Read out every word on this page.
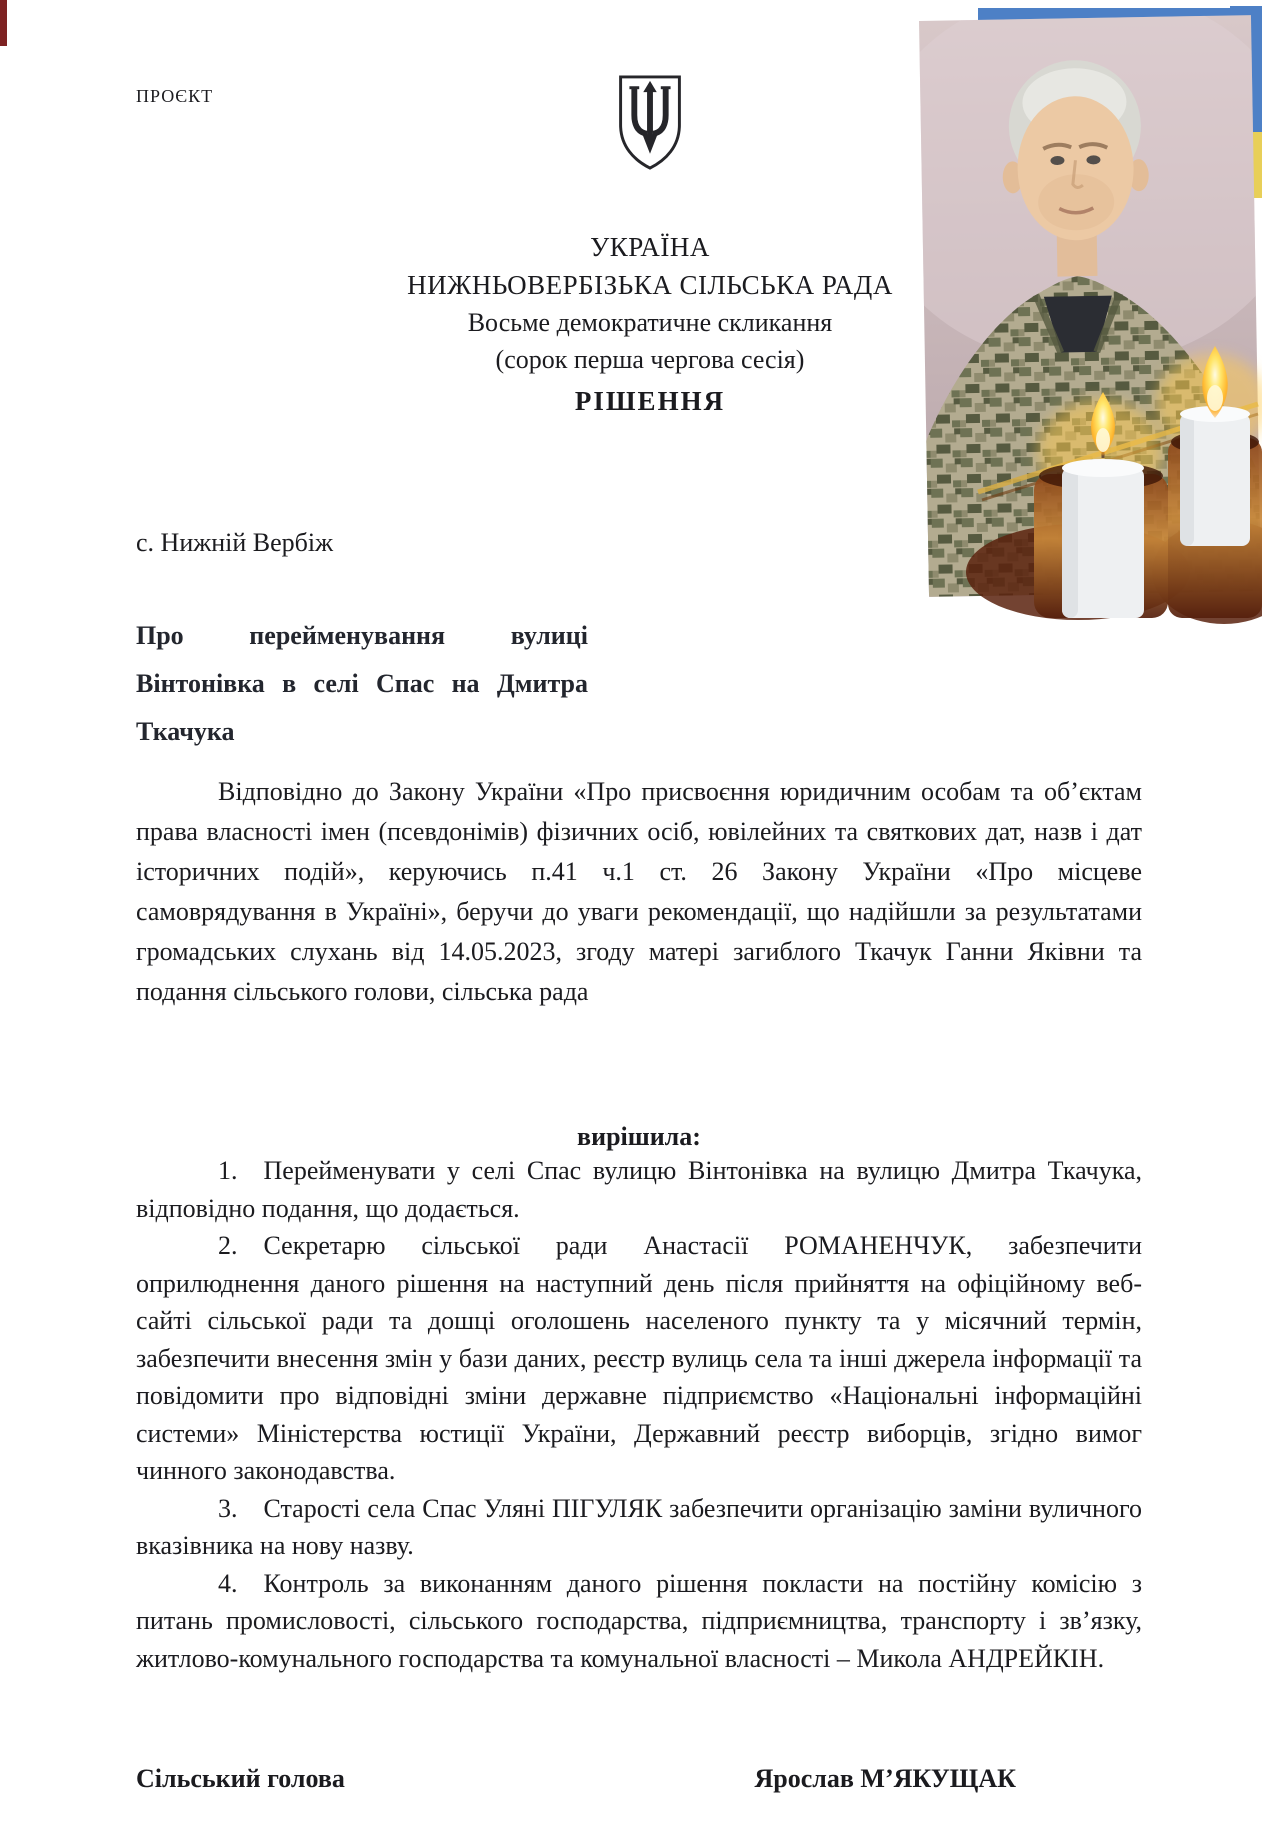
ПРОЄКТ
УКРАЇНА
НИЖНЬОВЕРБІЗЬКА СІЛЬСЬКА РАДА
Восьме демократичне скликання
(сорок перша чергова сесія)
РІШЕННЯ
с. Нижній Вербіж
Про перейменування вулиці
Вінтонівка в селі Спас на Дмитра
Ткачука

Відповідно до Закону України «Про присвоєння юридичним особам та об’єктам права власності імен (псевдонімів) фізичних осіб, ювілейних та святкових дат, назв і дат історичних подій», керуючись п.41 ч.1 ст. 26 Закону України «Про місцеве самоврядування в Україні», беручи до уваги рекомендації, що надійшли за результатами громадських слухань від 14.05.2023, згоду матері загиблого Ткачук Ганни Яківни та подання сільського голови, сільська рада

вирішила:

1. Перейменувати у селі Спас вулицю Вінтонівка на вулицю Дмитра Ткачука, відповідно подання, що додається.

2. Секретарю сільської ради Анастасії РОМАНЕНЧУК, забезпечити оприлюднення даного рішення на наступний день після прийняття на офіційному веб-сайті сільської ради та дошці оголошень населеного пункту та у місячний термін, забезпечити внесення змін у бази даних, реєстр вулиць села та інші джерела інформації та повідомити про відповідні зміни державне підприємство «Національні інформаційні системи» Міністерства юстиції України, Державний реєстр виборців, згідно вимог чинного законодавства.

3. Старості села Спас Уляні ПІГУЛЯК забезпечити організацію заміни вуличного вказівника на нову назву.

4. Контроль за виконанням даного рішення покласти на постійну комісію з питань промисловості, сільського господарства, підприємництва, транспорту і зв’язку, житлово-комунального господарства та комунальної власності – Микола АНДРЕЙКІН.

Сільський голова	Ярослав М’ЯКУЩАК
